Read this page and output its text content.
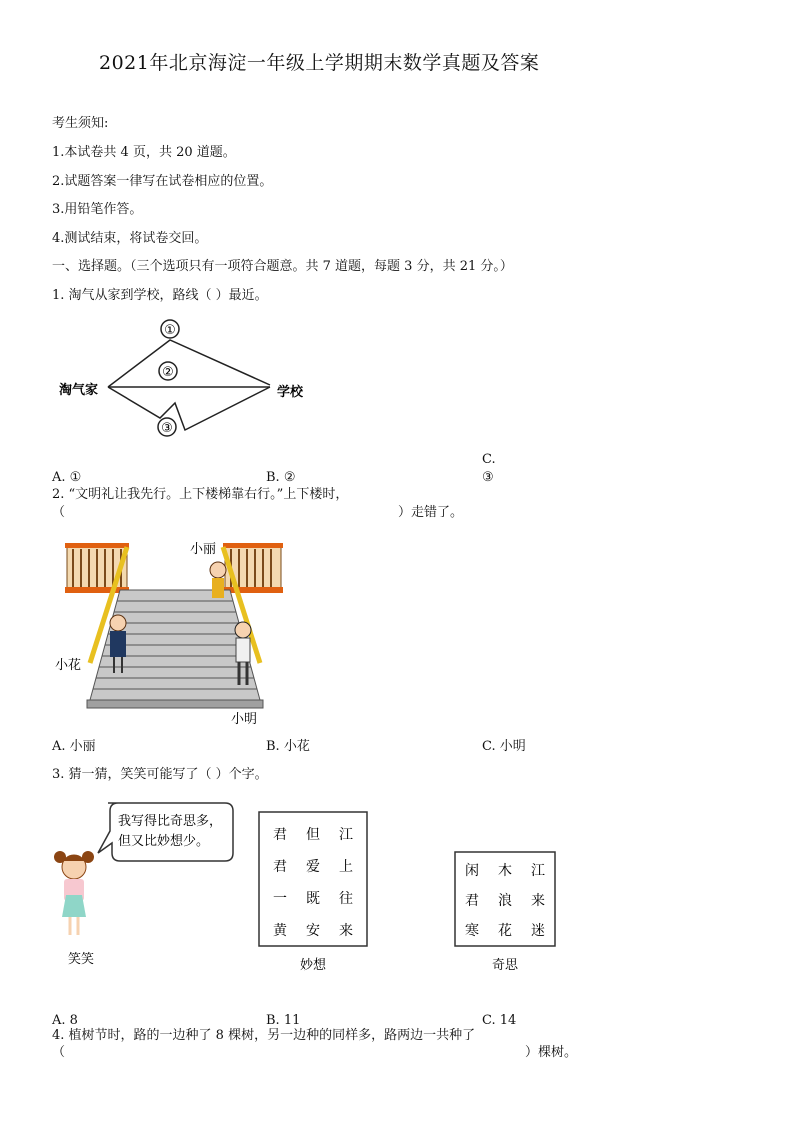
2021年北京海淀一年级上学期期末数学真题及答案
考生须知:
1.本试卷共 4 页，共 20 道题。
2.试题答案一律写在试卷相应的位置。
3.用铅笔作答。
4.测试结束，将试卷交回。
一、选择题。（三个选项只有一项符合题意。共 7 道题，每题 3 分，共 21 分。）
1. 淘气从家到学校，路线（ ）最近。
①
②
③
淘气家	学校
A. ①	B. ②
C.
③
2. “文明礼让我先行。上下楼梯靠右行。”上下楼时，
（	）走错了。
小丽
小花
小明
A. 小丽	B. 小花	C. 小明
3. 猜一猜，笑笑可能写了（ ）个字。
我写得比奇思多，
但又比妙想少。
笑笑
君 但 江
君 爱 上
一 既 往
黄 安 来
妙想
闲 木 江
君 浪 来
寒 花 迷
奇思
A. 8	B. 11	C. 14
4. 植树节时，路的一边种了 8 棵树，另一边种的同样多，路两边一共种了
（	）棵树。
